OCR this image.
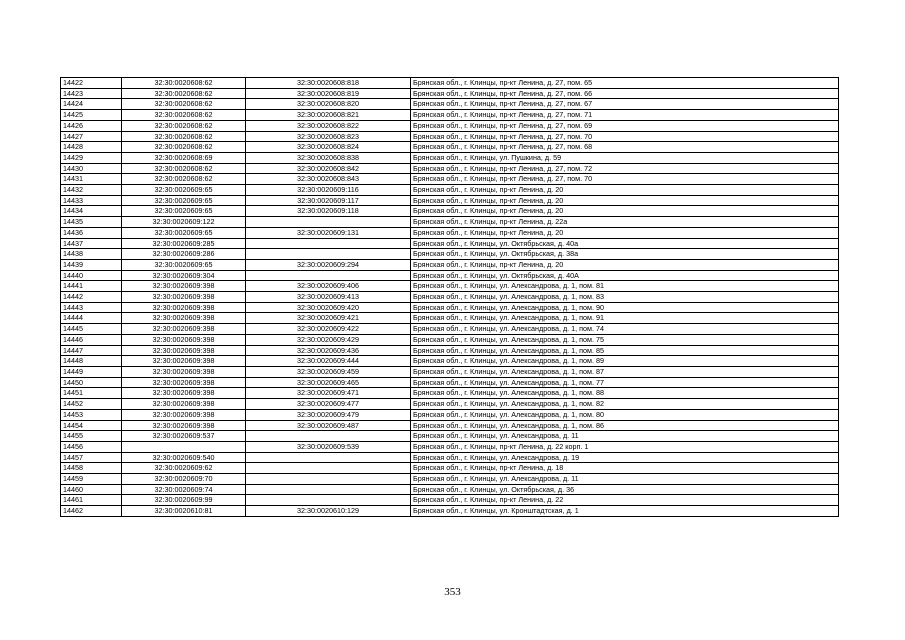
14422	32:30:0020608:62	32:30:0020608:818	Брянская обл., г. Клинцы, пр-кт Ленина, д. 27, пом. 65
14423	32:30:0020608:62	32:30:0020608:819	Брянская обл., г. Клинцы, пр-кт Ленина, д. 27, пом. 66
14424	32:30:0020608:62	32:30:0020608:820	Брянская обл., г. Клинцы, пр-кт Ленина, д. 27, пом. 67
14425	32:30:0020608:62	32:30:0020608:821	Брянская обл., г. Клинцы, пр-кт Ленина, д. 27, пом. 71
14426	32:30:0020608:62	32:30:0020608:822	Брянская обл., г. Клинцы, пр-кт Ленина, д. 27, пом. 69
14427	32:30:0020608:62	32:30:0020608:823	Брянская обл., г. Клинцы, пр-кт Ленина, д. 27, пом. 70
14428	32:30:0020608:62	32:30:0020608:824	Брянская обл., г. Клинцы, пр-кт Ленина, д. 27, пом. 68
14429	32:30:0020608:69	32:30:0020608:838	Брянская обл., г. Клинцы, ул. Пушкина, д. 59
14430	32:30:0020608:62	32:30:0020608:842	Брянская обл., г. Клинцы, пр-кт Ленина, д. 27, пом. 72
14431	32:30:0020608:62	32:30:0020608:843	Брянская обл., г. Клинцы, пр-кт Ленина, д. 27, пом. 70
14432	32:30:0020609:65	32:30:0020609:116	Брянская обл., г. Клинцы, пр-кт Ленина, д. 20
14433	32:30:0020609:65	32:30:0020609:117	Брянская обл., г. Клинцы, пр-кт Ленина, д. 20
14434	32:30:0020609:65	32:30:0020609:118	Брянская обл., г. Клинцы, пр-кт Ленина, д. 20
14435	32:30:0020609:122		Брянская обл., г. Клинцы, пр-кт Ленина, д. 22а
14436	32:30:0020609:65	32:30:0020609:131	Брянская обл., г. Клинцы, пр-кт Ленина, д. 20
14437	32:30:0020609:285		Брянская обл., г. Клинцы, ул. Октябрьская, д. 40а
14438	32:30:0020609:286		Брянская обл., г. Клинцы, ул. Октябрьская, д. 38а
14439	32:30:0020609:65	32:30:0020609:294	Брянская обл., г. Клинцы, пр-кт Ленина, д. 20
14440	32:30:0020609:304		Брянская обл., г. Клинцы, ул. Октябрьская, д. 40А
14441	32:30:0020609:398	32:30:0020609:406	Брянская обл., г. Клинцы, ул. Александрова, д. 1, пом. 81
14442	32:30:0020609:398	32:30:0020609:413	Брянская обл., г. Клинцы, ул. Александрова, д. 1, пом. 83
14443	32:30:0020609:398	32:30:0020609:420	Брянская обл., г. Клинцы, ул. Александрова, д. 1, пом. 90
14444	32:30:0020609:398	32:30:0020609:421	Брянская обл., г. Клинцы, ул. Александрова, д. 1, пом. 91
14445	32:30:0020609:398	32:30:0020609:422	Брянская обл., г. Клинцы, ул. Александрова, д. 1, пом. 74
14446	32:30:0020609:398	32:30:0020609:429	Брянская обл., г. Клинцы, ул. Александрова, д. 1, пом. 75
14447	32:30:0020609:398	32:30:0020609:436	Брянская обл., г. Клинцы, ул. Александрова, д. 1, пом. 85
14448	32:30:0020609:398	32:30:0020609:444	Брянская обл., г. Клинцы, ул. Александрова, д. 1, пом. 89
14449	32:30:0020609:398	32:30:0020609:459	Брянская обл., г. Клинцы, ул. Александрова, д. 1, пом. 87
14450	32:30:0020609:398	32:30:0020609:465	Брянская обл., г. Клинцы, ул. Александрова, д. 1, пом. 77
14451	32:30:0020609:398	32:30:0020609:471	Брянская обл., г. Клинцы, ул. Александрова, д. 1, пом. 88
14452	32:30:0020609:398	32:30:0020609:477	Брянская обл., г. Клинцы, ул. Александрова, д. 1, пом. 82
14453	32:30:0020609:398	32:30:0020609:479	Брянская обл., г. Клинцы, ул. Александрова, д. 1, пом. 80
14454	32:30:0020609:398	32:30:0020609:487	Брянская обл., г. Клинцы, ул. Александрова, д. 1, пом. 86
14455	32:30:0020609:537		Брянская обл., г. Клинцы, ул. Александрова, д. 11
14456		32:30:0020609:539	Брянская обл., г. Клинцы, пр-кт Ленина, д. 22 корп. 1
14457	32:30:0020609:540		Брянская обл., г. Клинцы, ул. Александрова, д. 19
14458	32:30:0020609:62		Брянская обл., г. Клинцы, пр-кт Ленина, д. 18
14459	32:30:0020609:70		Брянская обл., г. Клинцы, ул. Александрова, д. 11
14460	32:30:0020609:74		Брянская обл., г. Клинцы, ул. Октябрьская, д. 36
14461	32:30:0020609:99		Брянская обл., г. Клинцы, пр-кт Ленина, д. 22
14462	32:30:0020610:81	32:30:0020610:129	Брянская обл., г. Клинцы, ул. Кронштадтская, д. 1
353
